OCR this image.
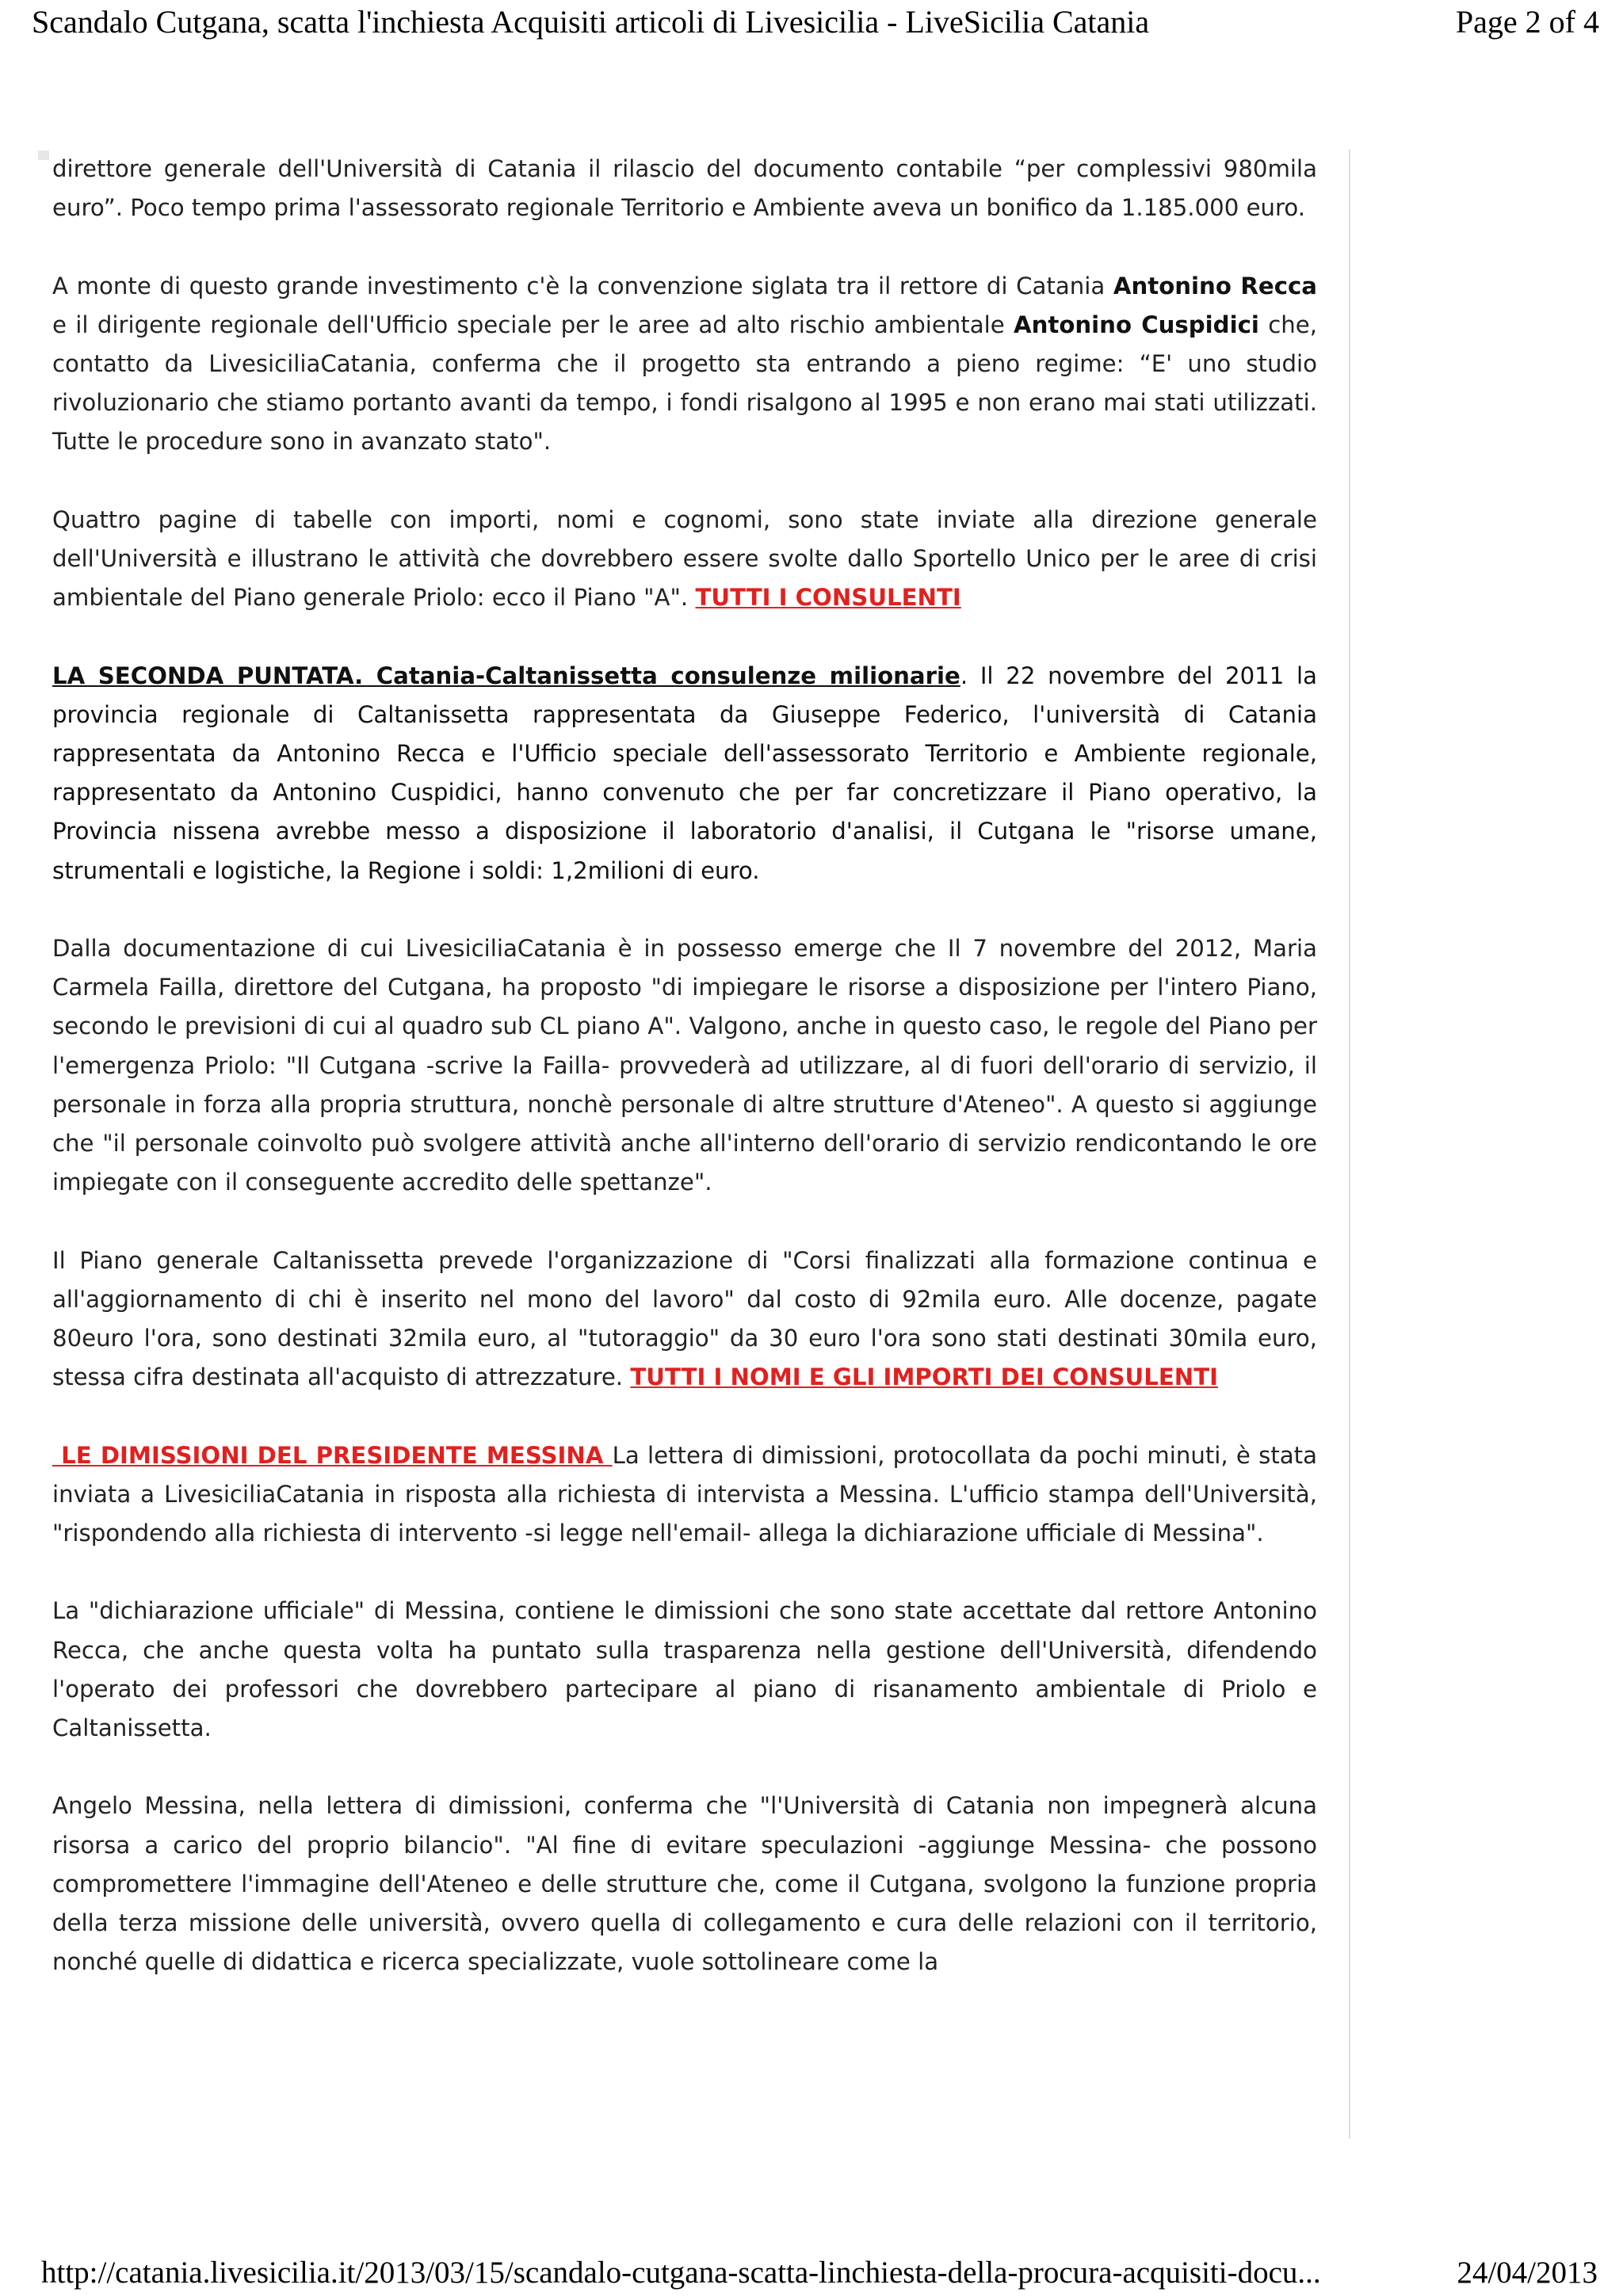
Scandalo Cutgana, scatta l'inchiesta Acquisiti articoli di Livesicilia - LiveSicilia Catania	Page 2 of 4

direttore generale dell'Università di Catania il rilascio del documento contabile “per complessivi 980mila euro”. Poco tempo prima l'assessorato regionale Territorio e Ambiente aveva un bonifico da 1.185.000 euro.

A monte di questo grande investimento c'è la convenzione siglata tra il rettore di Catania Antonino Recca e il dirigente regionale dell'Ufficio speciale per le aree ad alto rischio ambientale Antonino Cuspidici che, contatto da LivesiciliaCatania, conferma che il progetto sta entrando a pieno regime: “E' uno studio rivoluzionario che stiamo portanto avanti da tempo, i fondi risalgono al 1995 e non erano mai stati utilizzati. Tutte le procedure sono in avanzato stato".

Quattro pagine di tabelle con importi, nomi e cognomi, sono state inviate alla direzione generale dell'Università e illustrano le attività che dovrebbero essere svolte dallo Sportello Unico per le aree di crisi ambientale del Piano generale Priolo: ecco il Piano "A". TUTTI I CONSULENTI

LA SECONDA PUNTATA. Catania-Caltanissetta consulenze milionarie. Il 22 novembre del 2011 la provincia regionale di Caltanissetta rappresentata da Giuseppe Federico, l'università di Catania rappresentata da Antonino Recca e l'Ufficio speciale dell'assessorato Territorio e Ambiente regionale, rappresentato da Antonino Cuspidici, hanno convenuto che per far concretizzare il Piano operativo, la Provincia nissena avrebbe messo a disposizione il laboratorio d'analisi, il Cutgana le "risorse umane, strumentali e logistiche, la Regione i soldi: 1,2milioni di euro.

Dalla documentazione di cui LivesiciliaCatania è in possesso emerge che Il 7 novembre del 2012, Maria Carmela Failla, direttore del Cutgana, ha proposto "di impiegare le risorse a disposizione per l'intero Piano, secondo le previsioni di cui al quadro sub CL piano A". Valgono, anche in questo caso, le regole del Piano per l'emergenza Priolo: "Il Cutgana -scrive la Failla- provvederà ad utilizzare, al di fuori dell'orario di servizio, il personale in forza alla propria struttura, nonchè personale di altre strutture d'Ateneo". A questo si aggiunge che "il personale coinvolto può svolgere attività anche all'interno dell'orario di servizio rendicontando le ore impiegate con il conseguente accredito delle spettanze".

Il Piano generale Caltanissetta prevede l'organizzazione di "Corsi finalizzati alla formazione continua e all'aggiornamento di chi è inserito nel mono del lavoro" dal costo di 92mila euro. Alle docenze, pagate 80euro l'ora, sono destinati 32mila euro, al "tutoraggio" da 30 euro l'ora sono stati destinati 30mila euro, stessa cifra destinata all'acquisto di attrezzature. TUTTI I NOMI E GLI IMPORTI DEI CONSULENTI

LE DIMISSIONI DEL PRESIDENTE MESSINA La lettera di dimissioni, protocollata da pochi minuti, è stata inviata a LivesiciliaCatania in risposta alla richiesta di intervista a Messina. L'ufficio stampa dell'Università, "rispondendo alla richiesta di intervento -si legge nell'email- allega la dichiarazione ufficiale di Messina".

La "dichiarazione ufficiale" di Messina, contiene le dimissioni che sono state accettate dal rettore Antonino Recca, che anche questa volta ha puntato sulla trasparenza nella gestione dell'Università, difendendo l'operato dei professori che dovrebbero partecipare al piano di risanamento ambientale di Priolo e Caltanissetta.

Angelo Messina, nella lettera di dimissioni, conferma che "l'Università di Catania non impegnerà alcuna risorsa a carico del proprio bilancio". "Al fine di evitare speculazioni -aggiunge Messina- che possono compromettere l'immagine dell'Ateneo e delle strutture che, come il Cutgana, svolgono la funzione propria della terza missione delle università, ovvero quella di collegamento e cura delle relazioni con il territorio, nonché quelle di didattica e ricerca specializzate, vuole sottolineare come la

http://catania.livesicilia.it/2013/03/15/scandalo-cutgana-scatta-linchiesta-della-procura-acquisiti-docu...	24/04/2013
